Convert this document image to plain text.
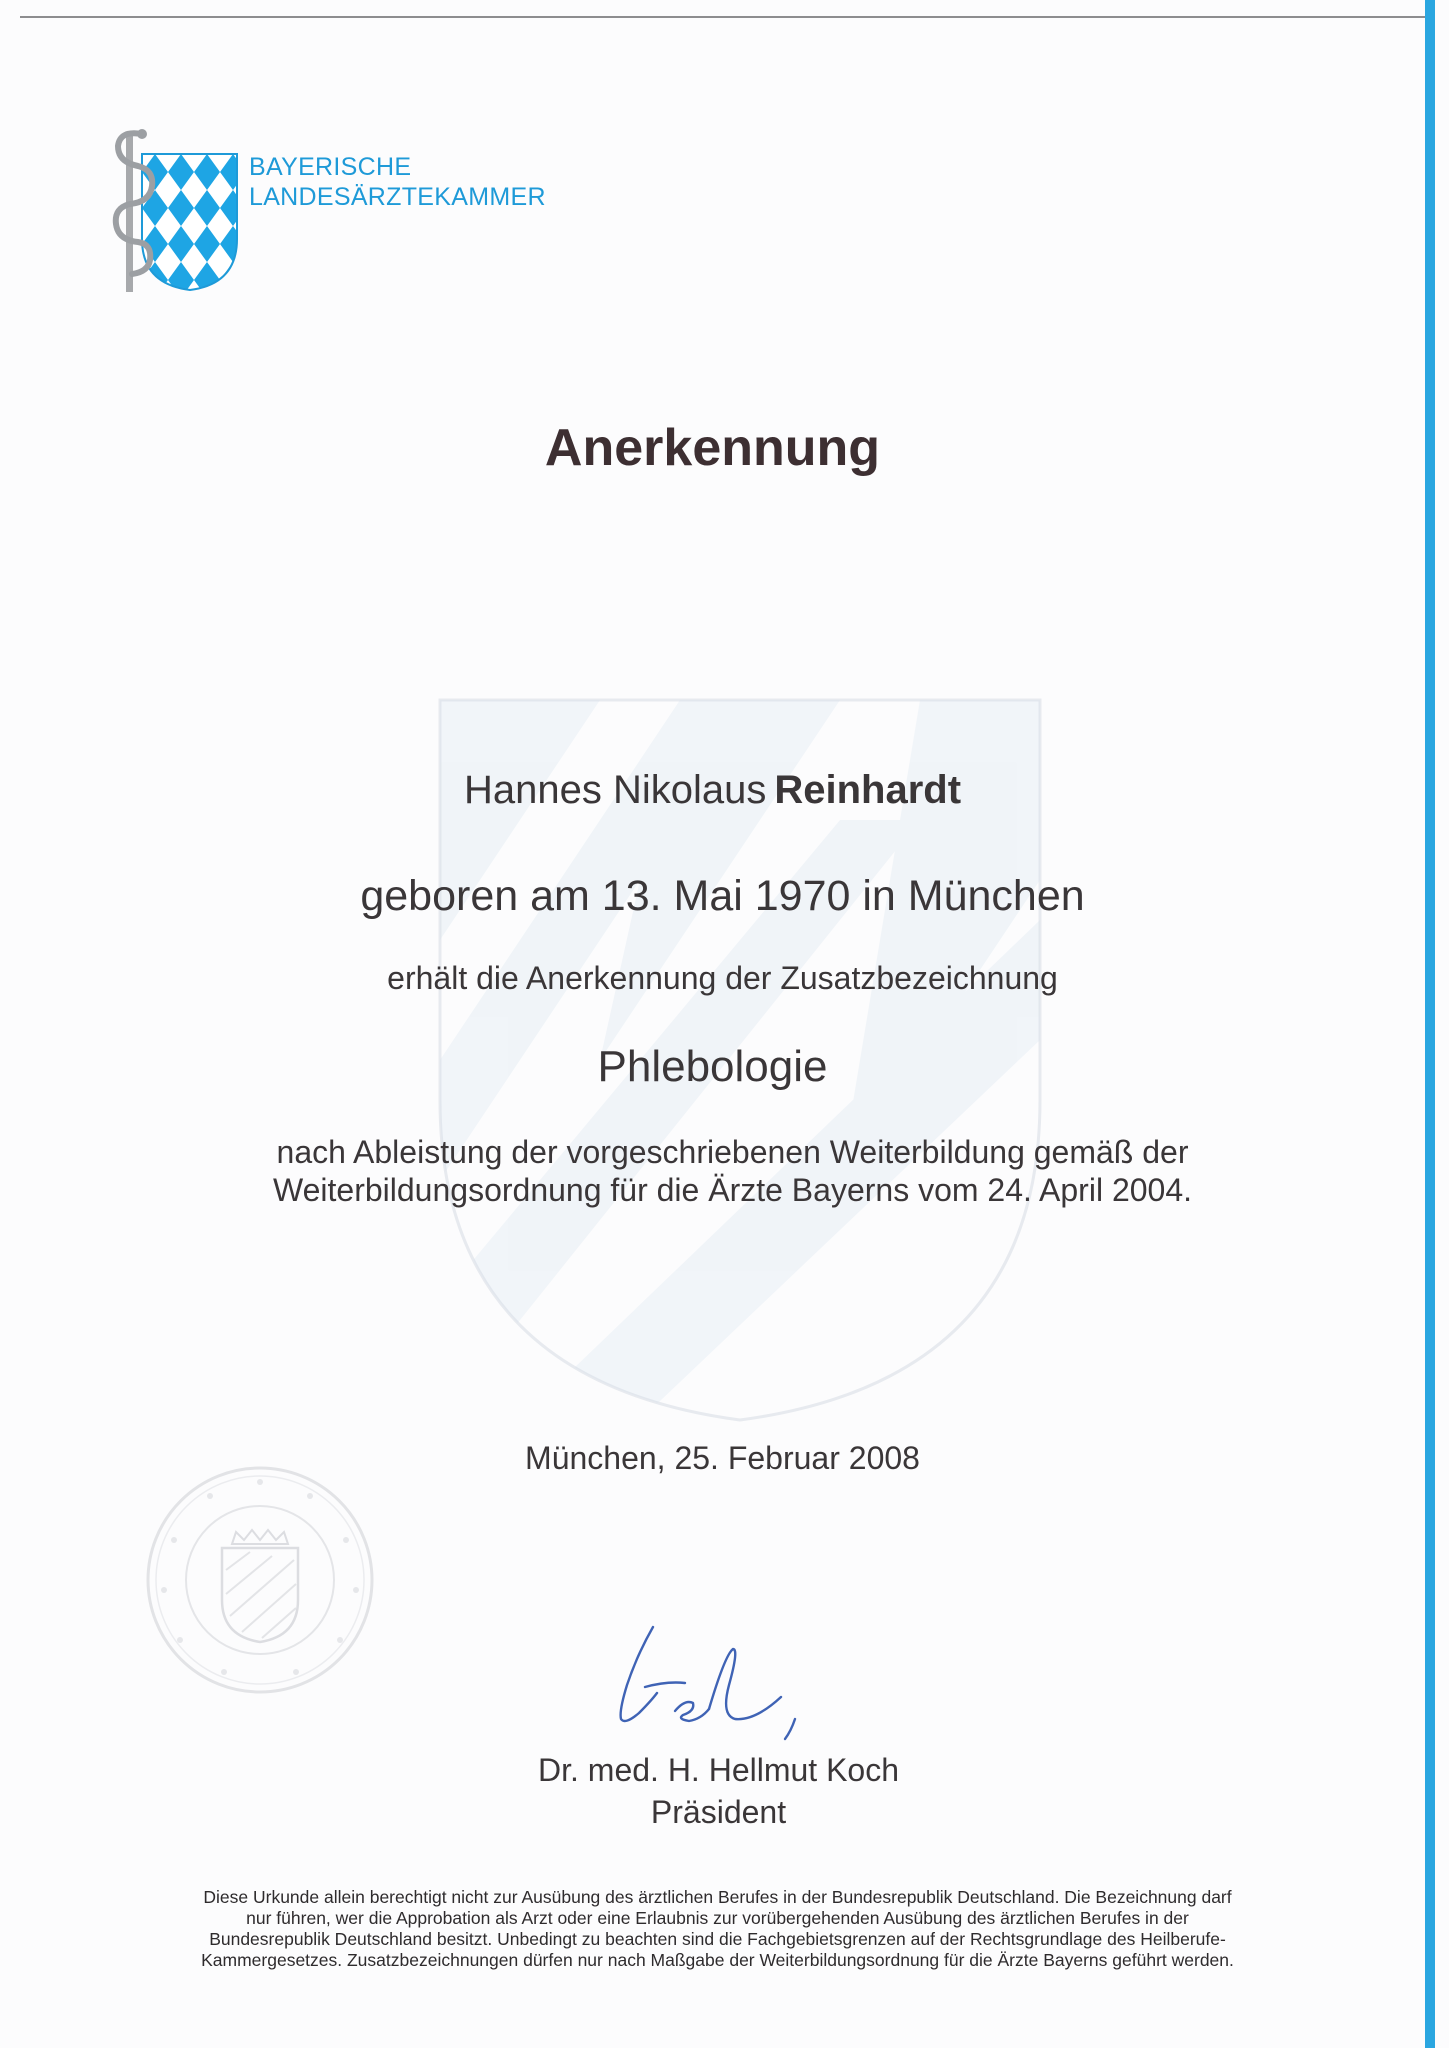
BAYERISCHE
LANDESÄRZTEKAMMER
Anerkennung
Hannes Nikolaus Reinhardt
geboren am 13. Mai 1970 in München
erhält die Anerkennung der Zusatzbezeichnung
Phlebologie
nach Ableistung der vorgeschriebenen Weiterbildung gemäß der
Weiterbildungsordnung für die Ärzte Bayerns vom 24. April 2004.
München, 25. Februar 2008
Dr. med. H. Hellmut Koch
Präsident
Diese Urkunde allein berechtigt nicht zur Ausübung des ärztlichen Berufes in der Bundesrepublik Deutschland. Die Bezeichnung darf
nur führen, wer die Approbation als Arzt oder eine Erlaubnis zur vorübergehenden Ausübung des ärztlichen Berufes in der
Bundesrepublik Deutschland besitzt. Unbedingt zu beachten sind die Fachgebietsgrenzen auf der Rechtsgrundlage des Heilberufe-
Kammergesetzes. Zusatzbezeichnungen dürfen nur nach Maßgabe der Weiterbildungsordnung für die Ärzte Bayerns geführt werden.
